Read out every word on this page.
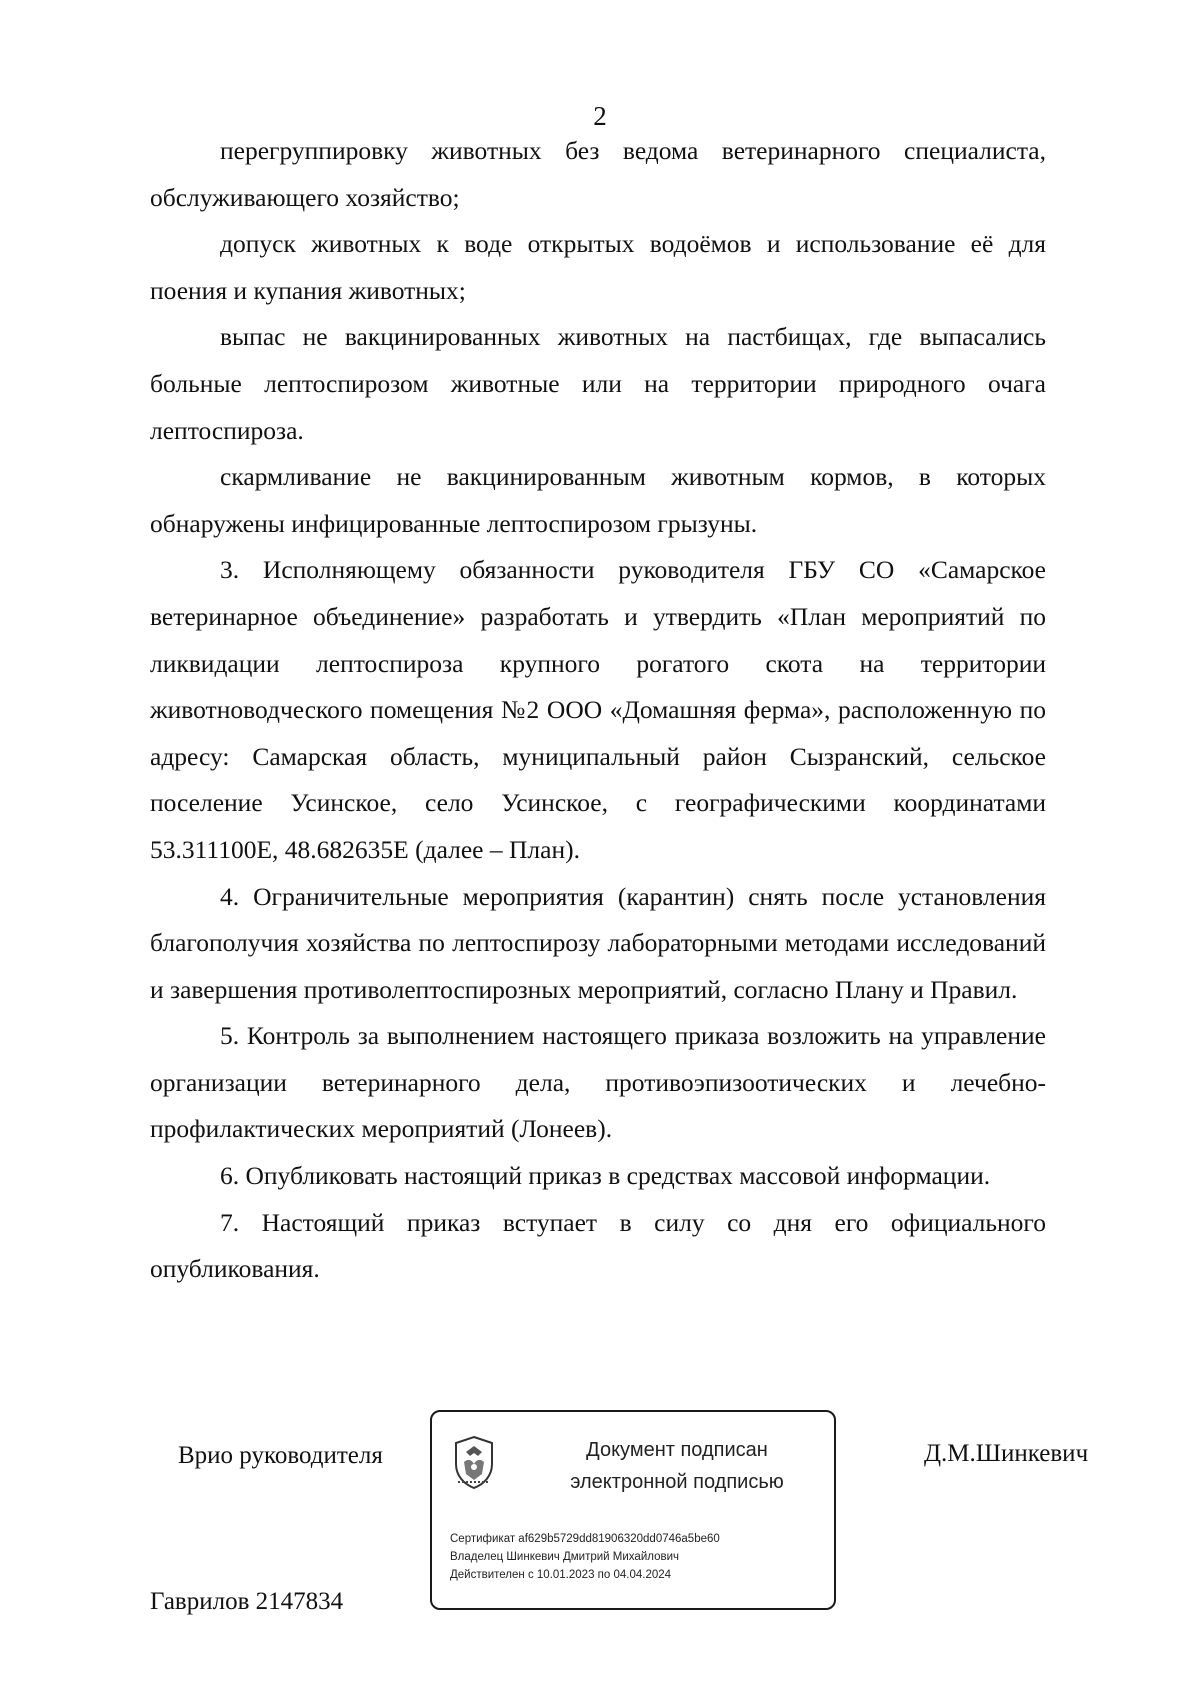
2

перегруппировку животных без ведома ветеринарного специалиста, обслуживающего хозяйство;

допуск животных к воде открытых водоёмов и использование её для поения и купания животных;

выпас не вакцинированных животных на пастбищах, где выпасались больные лептоспирозом животные или на территории природного очага лептоспироза.

скармливание не вакцинированным животным кормов, в которых обнаружены инфицированные лептоспирозом грызуны.

3. Исполняющему обязанности руководителя ГБУ СО «Самарское ветеринарное объединение» разработать и утвердить «План мероприятий по ликвидации лептоспироза крупного рогатого скота на территории животноводческого помещения №2 ООО «Домашняя ферма», расположенную по адресу: Самарская область, муниципальный район Сызранский, сельское поселение Усинское, село Усинское, с географическими координатами 53.311100E, 48.682635E (далее – План).

4. Ограничительные мероприятия (карантин) снять после установления благополучия хозяйства по лептоспирозу лабораторными методами исследований и завершения противолептоспирозных мероприятий, согласно Плану и Правил.

5. Контроль за выполнением настоящего приказа возложить на управление организации ветеринарного дела, противоэпизоотических и лечебно-профилактических мероприятий (Лонеев).

6. Опубликовать настоящий приказ в средствах массовой информации.

7. Настоящий приказ вступает в силу со дня его официального опубликования.

Врио руководителя	Д.М.Шинкевич
Гаврилов 2147834
Документ подписан
электронной подписью
Сертификат af629b5729dd81906320dd0746a5be60
Владелец Шинкевич Дмитрий Михайлович
Действителен с 10.01.2023 по 04.04.2024
